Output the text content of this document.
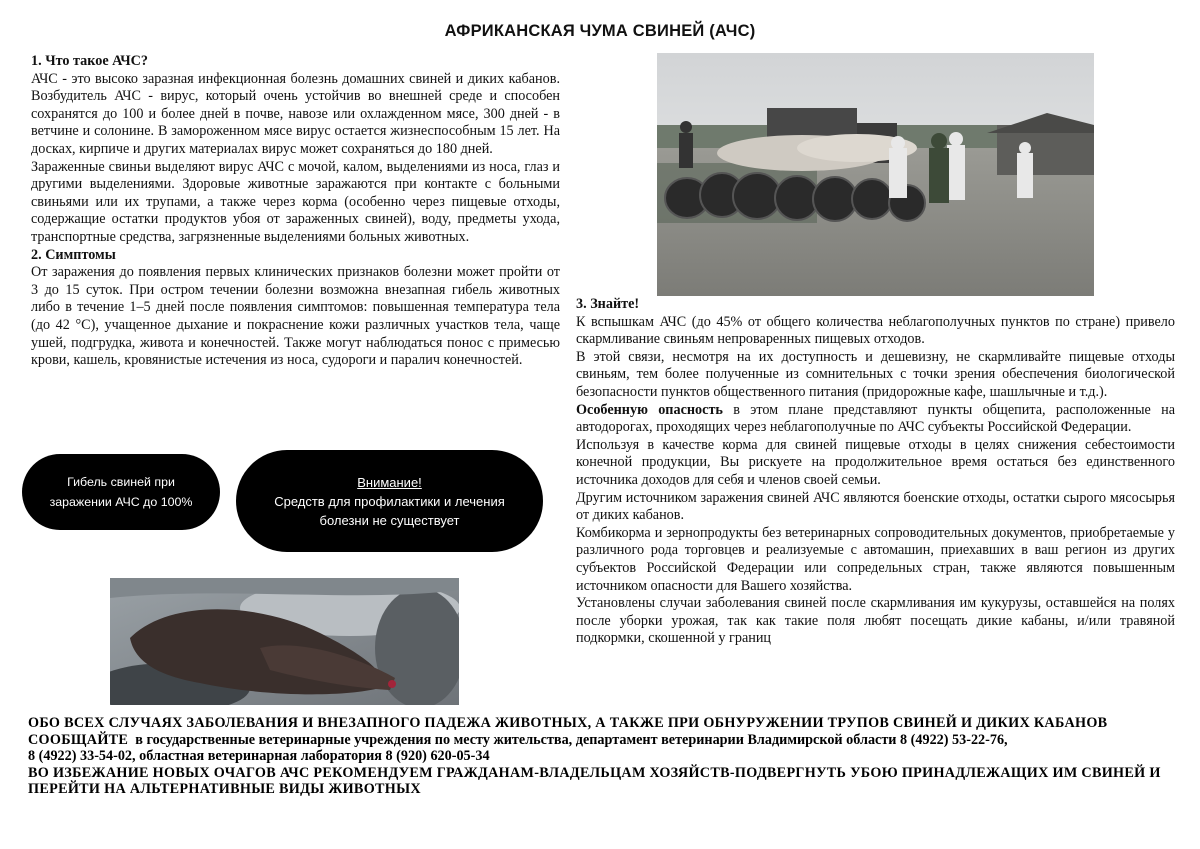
АФРИКАНСКАЯ ЧУМА СВИНЕЙ (АЧС)

1. Что такое АЧС?

АЧС - это высоко заразная инфекционная болезнь домашних свиней и диких кабанов. Возбудитель АЧС - вирус, который очень устойчив во внешней среде и способен сохранятся до 100 и более дней в почве, навозе или охлажденном мясе, 300 дней - в ветчине и солонине. В замороженном мясе вирус остается жизнеспособным 15 лет. На досках, кирпиче и других материалах вирус может сохраняться до 180 дней.

Зараженные свиньи выделяют вирус АЧС с мочой, калом, выделениями из носа, глаз и другими выделениями. Здоровые животные заражаются при контакте с больными свиньями или их трупами, а также через корма (особенно через пищевые отходы, содержащие остатки продуктов убоя от зараженных свиней), воду, предметы ухода, транспортные средства, загрязненные выделениями больных животных.

2. Симптомы

От заражения до появления первых клинических признаков болезни может пройти от 3 до 15 суток. При остром течении болезни возможна внезапная гибель животных либо в течение 1–5 дней после появления симптомов: повышенная температура тела (до 42 °С), учащенное дыхание и покраснение кожи различных участков тела, чаще ушей, подгрудка, живота и конечностей. Также могут наблюдаться понос с примесью крови, кашель, кровянистые истечения из носа, судороги и паралич конечностей.

Гибель свиней при заражении АЧС до 100%
Внимание!
Средств для профилактики и лечения болезни не существует

3. Знайте!

К вспышкам АЧС (до 45% от общего количества неблагополучных пунктов по стране) привело скармливание свиньям непроваренных пищевых отходов.

В этой связи, несмотря на их доступность и дешевизну, не скармливайте пищевые отходы свиньям, тем более полученные из сомнительных с точки зрения обеспечения биологической безопасности пунктов общественного питания (придорожные кафе, шашлычные и т.д.).

Особенную опасность в этом плане представляют пункты общепита, расположенные на автодорогах, проходящих через неблагополучные по АЧС субъекты Российской Федерации.

Используя в качестве корма для свиней пищевые отходы в целях снижения себестоимости конечной продукции, Вы рискуете на продолжительное время остаться без единственного источника доходов для себя и членов своей семьи.

Другим источником заражения свиней АЧС являются боенские отходы, остатки сырого мясосырья от диких кабанов.

Комбикорма и зернопродукты без ветеринарных сопроводительных документов, приобретаемые у различного рода торговцев и реализуемые с автомашин, приехавших в ваш регион из других субъектов Российской Федерации или сопредельных стран, также являются повышенным источником опасности для Вашего хозяйства.

Установлены случаи заболевания свиней после скармливания им кукурузы, оставшейся на полях после уборки урожая, так как такие поля любят посещать дикие кабаны, и/или травяной подкормки, скошенной у границ

ОБО ВСЕХ СЛУЧАЯХ ЗАБОЛЕВАНИЯ И ВНЕЗАПНОГО ПАДЕЖА ЖИВОТНЫХ, А ТАКЖЕ ПРИ ОБНУРУЖЕНИИ ТРУПОВ СВИНЕЙ И ДИКИХ КАБАНОВ

СООБЩАЙТЕ  в государственные ветеринарные учреждения по месту жительства, департамент ветеринарии Владимирской области 8 (4922) 53-22-76,

8 (4922) 33-54-02, областная ветеринарная лаборатория 8 (920) 620-05-34

ВО ИЗБЕЖАНИЕ НОВЫХ ОЧАГОВ АЧС РЕКОМЕНДУЕМ ГРАЖДАНАМ-ВЛАДЕЛЬЦАМ ХОЗЯЙСТВ-ПОДВЕРГНУТЬ УБОЮ ПРИНАДЛЕЖАЩИХ ИМ СВИНЕЙ И ПЕРЕЙТИ НА АЛЬТЕРНАТИВНЫЕ ВИДЫ ЖИВОТНЫХ
